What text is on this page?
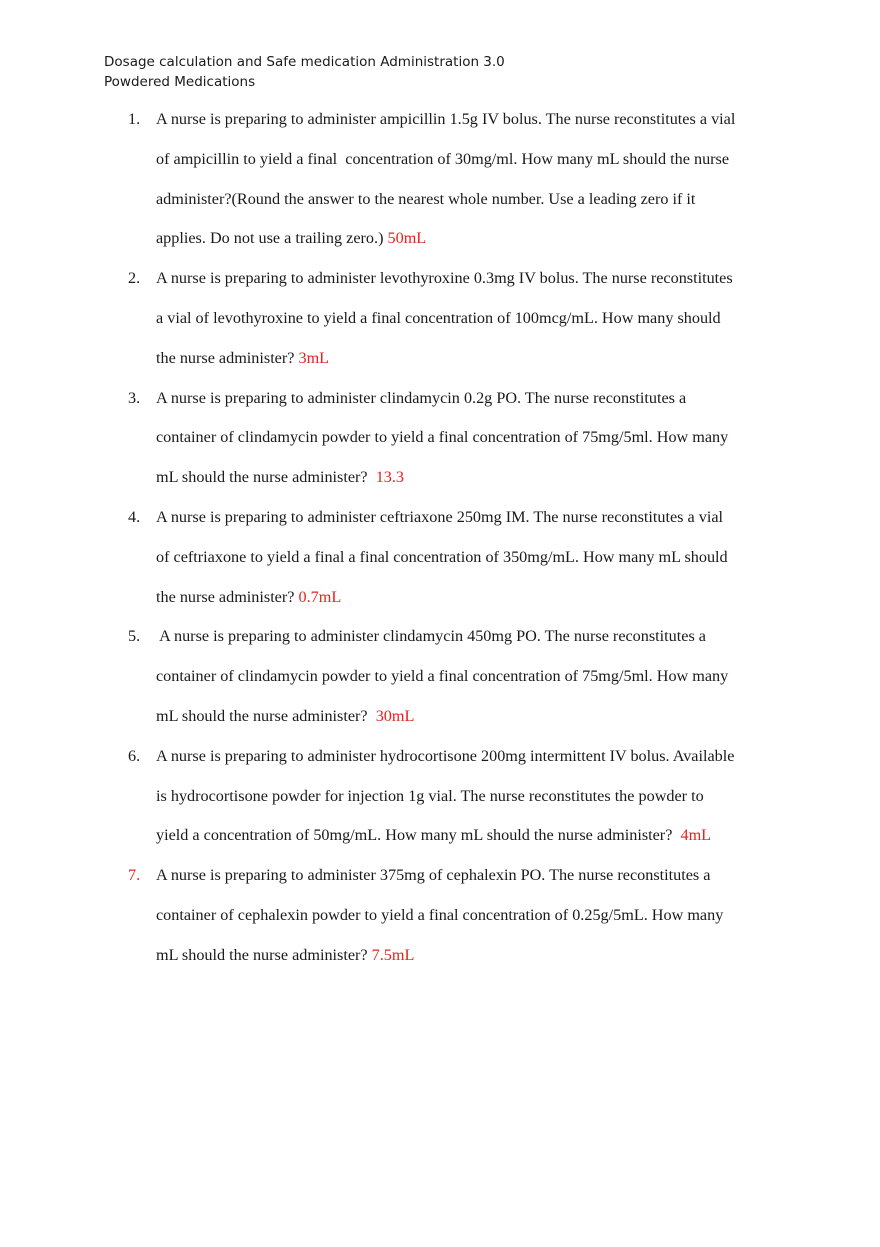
Dosage calculation and Safe medication Administration 3.0
Powdered Medications
1. A nurse is preparing to administer ampicillin 1.5g IV bolus. The nurse reconstitutes a vial
of ampicillin to yield a final  concentration of 30mg/ml. How many mL should the nurse
administer?(Round the answer to the nearest whole number. Use a leading zero if it
applies. Do not use a trailing zero.) 50mL
2. A nurse is preparing to administer levothyroxine 0.3mg IV bolus. The nurse reconstitutes
a vial of levothyroxine to yield a final concentration of 100mcg/mL. How many should
the nurse administer? 3mL
3. A nurse is preparing to administer clindamycin 0.2g PO. The nurse reconstitutes a
container of clindamycin powder to yield a final concentration of 75mg/5ml. How many
mL should the nurse administer?  13.3
4. A nurse is preparing to administer ceftriaxone 250mg IM. The nurse reconstitutes a vial
of ceftriaxone to yield a final a final concentration of 350mg/mL. How many mL should
the nurse administer? 0.7mL
5. A nurse is preparing to administer clindamycin 450mg PO. The nurse reconstitutes a
container of clindamycin powder to yield a final concentration of 75mg/5ml. How many
mL should the nurse administer?  30mL
6. A nurse is preparing to administer hydrocortisone 200mg intermittent IV bolus. Available
is hydrocortisone powder for injection 1g vial. The nurse reconstitutes the powder to
yield a concentration of 50mg/mL. How many mL should the nurse administer?  4mL
7. A nurse is preparing to administer 375mg of cephalexin PO. The nurse reconstitutes a
container of cephalexin powder to yield a final concentration of 0.25g/5mL. How many
mL should the nurse administer? 7.5mL
